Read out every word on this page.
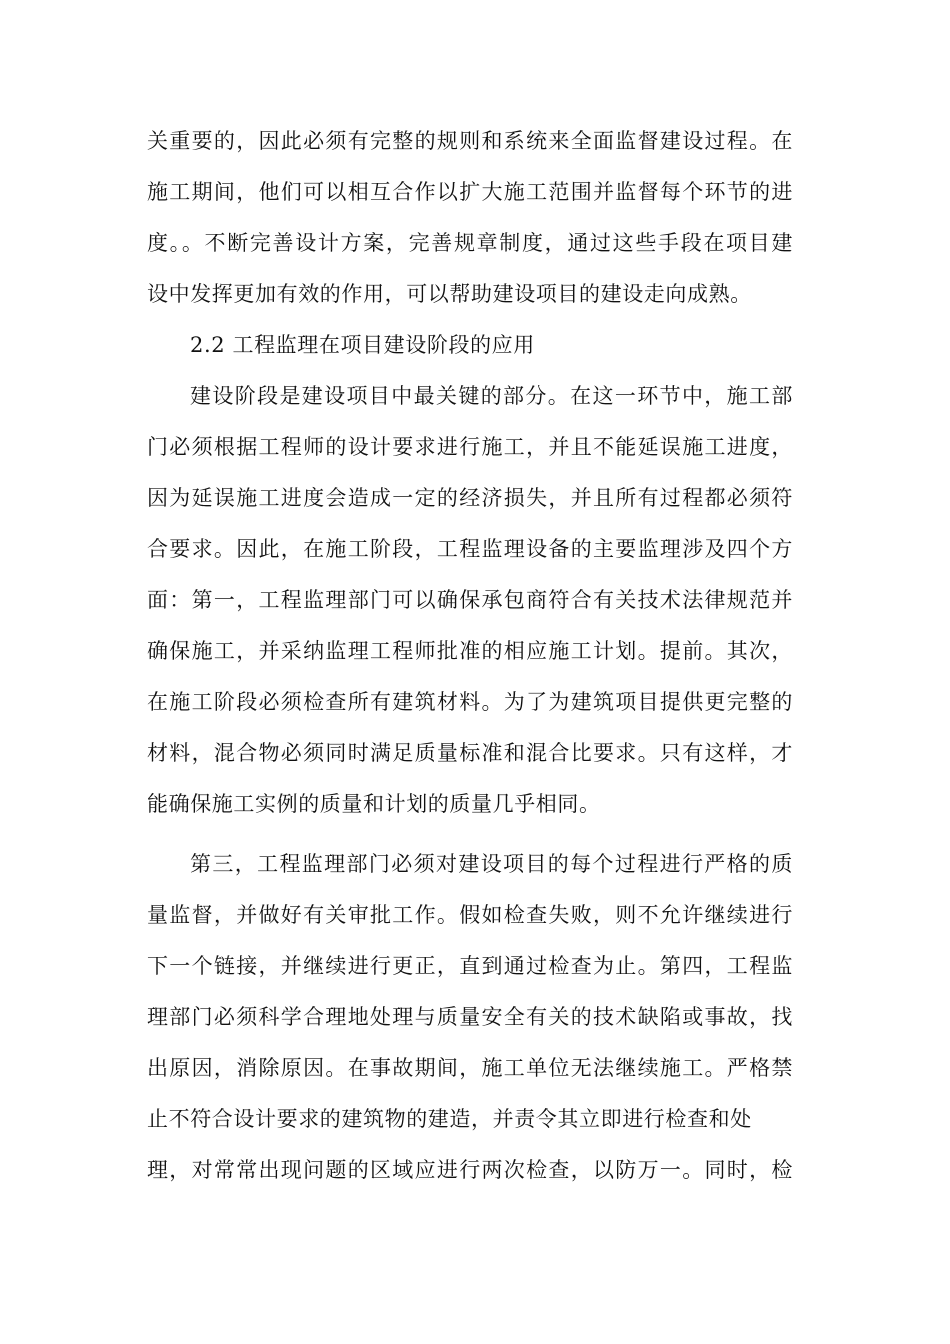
关重要的，因此必须有完整的规则和系统来全面监督建设过程。在
施工期间，他们可以相互合作以扩大施工范围并监督每个环节的进
度。。不断完善设计方案，完善规章制度，通过这些手段在项目建
设中发挥更加有效的作用，可以帮助建设项目的建设走向成熟。
2.2 工程监理在项目建设阶段的应用
建设阶段是建设项目中最关键的部分。在这一环节中，施工部
门必须根据工程师的设计要求进行施工，并且不能延误施工进度，
因为延误施工进度会造成一定的经济损失，并且所有过程都必须符
合要求。因此，在施工阶段，工程监理设备的主要监理涉及四个方
面：第一，工程监理部门可以确保承包商符合有关技术法律规范并
确保施工，并采纳监理工程师批准的相应施工计划。提前。其次，
在施工阶段必须检查所有建筑材料。为了为建筑项目提供更完整的
材料，混合物必须同时满足质量标准和混合比要求。只有这样，才
能确保施工实例的质量和计划的质量几乎相同。
第三，工程监理部门必须对建设项目的每个过程进行严格的质
量监督，并做好有关审批工作。假如检查失败，则不允许继续进行
下一个链接，并继续进行更正，直到通过检查为止。第四，工程监
理部门必须科学合理地处理与质量安全有关的技术缺陷或事故，找
出原因，消除原因。在事故期间，施工单位无法继续施工。严格禁
止不符合设计要求的建筑物的建造，并责令其立即进行检查和处
理，对常常出现问题的区域应进行两次检查，以防万一。同时，检
